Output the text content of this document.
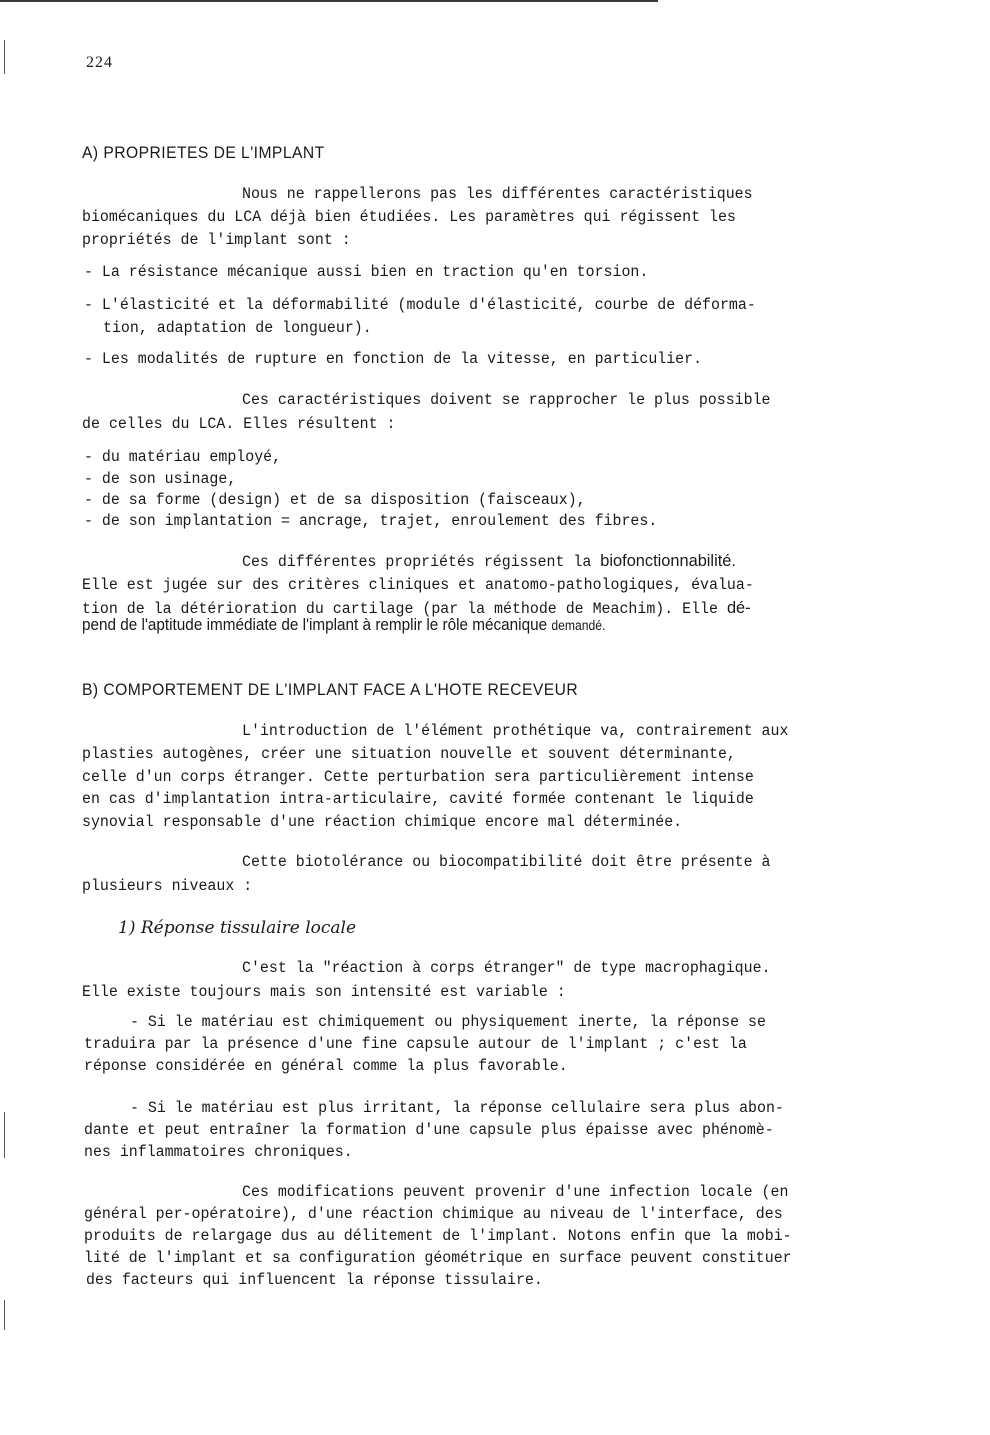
224
A) PROPRIETES DE L'IMPLANT
Nous ne rappellerons pas les différentes caractéristiques
biomécaniques du LCA déjà bien étudiées. Les paramètres qui régissent les
propriétés de l'implant sont :
- La résistance mécanique aussi bien en traction qu'en torsion.
- L'élasticité et la déformabilité (module d'élasticité, courbe de déforma-
tion, adaptation de longueur).
- Les modalités de rupture en fonction de la vitesse, en particulier.
Ces caractéristiques doivent se rapprocher le plus possible
de celles du LCA. Elles résultent :
- du matériau employé,
- de son usinage,
- de sa forme (design) et de sa disposition (faisceaux),
- de son implantation = ancrage, trajet, enroulement des fibres.
Ces différentes propriétés régissent la biofonctionnabilité.
Elle est jugée sur des critères cliniques et anatomo-pathologiques, évalua-
tion de la détérioration du cartilage (par la méthode de Meachim). Elle dé-
pend de l'aptitude immédiate de l'implant à remplir le rôle mécanique demandé.
B) COMPORTEMENT DE L'IMPLANT FACE A L'HOTE RECEVEUR
L'introduction de l'élément prothétique va, contrairement aux
plasties autogènes, créer une situation nouvelle et souvent déterminante,
celle d'un corps étranger. Cette perturbation sera particulièrement intense
en cas d'implantation intra-articulaire, cavité formée contenant le liquide
synovial responsable d'une réaction chimique encore mal déterminée.
Cette biotolérance ou biocompatibilité doit être présente à
plusieurs niveaux :
1) Réponse tissulaire locale
C'est la "réaction à corps étranger" de type macrophagique.
Elle existe toujours mais son intensité est variable :
- Si le matériau est chimiquement ou physiquement inerte, la réponse se
traduira par la présence d'une fine capsule autour de l'implant ; c'est la
réponse considérée en général comme la plus favorable.
- Si le matériau est plus irritant, la réponse cellulaire sera plus abon-
dante et peut entraîner la formation d'une capsule plus épaisse avec phénomè-
nes inflammatoires chroniques.
Ces modifications peuvent provenir d'une infection locale (en
général per-opératoire), d'une réaction chimique au niveau de l'interface, des
produits de relargage dus au délitement de l'implant. Notons enfin que la mobi-
lité de l'implant et sa configuration géométrique en surface peuvent constituer
des facteurs qui influencent la réponse tissulaire.
